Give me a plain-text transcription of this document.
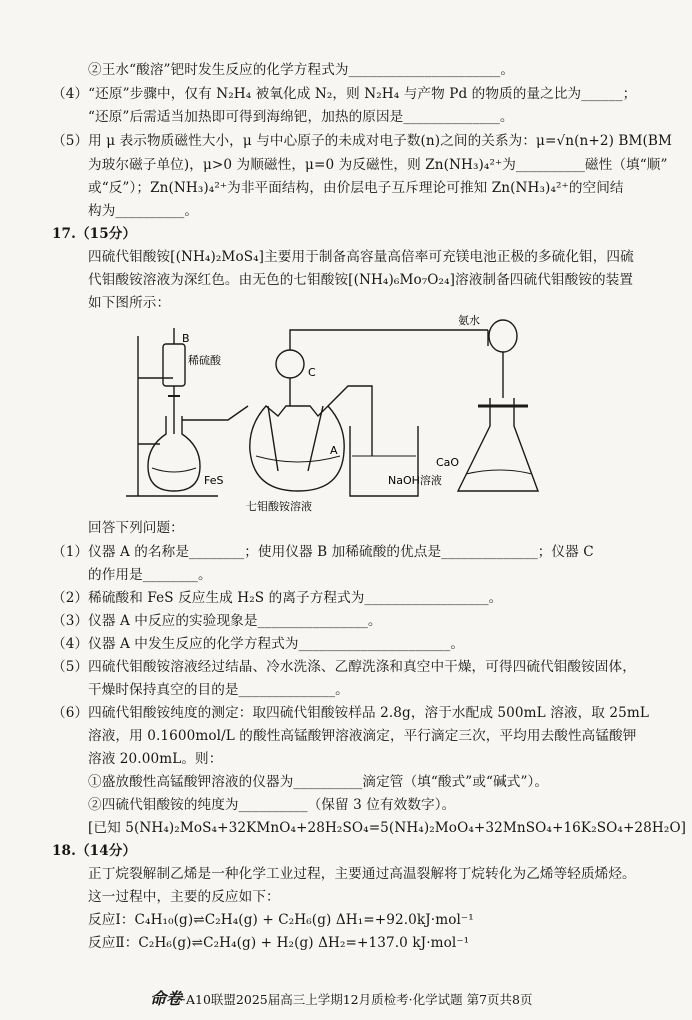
②王水“酸溶”钯时发生反应的化学方程式为______________________。
（4）“还原”步骤中，仅有 N₂H₄ 被氧化成 N₂，则 N₂H₄ 与产物 Pd 的物质的量之比为______；
“还原”后需适当加热即可得到海绵钯，加热的原因是______________。
（5）用 μ 表示物质磁性大小，μ 与中心原子的未成对电子数(n)之间的关系为：μ=√n(n+2) BM(BM
为玻尔磁子单位)，μ>0 为顺磁性，μ=0 为反磁性，则 Zn(NH₃)₄²⁺为__________磁性（填“顺”
或“反”）；Zn(NH₃)₄²⁺为非平面结构，由价层电子互斥理论可推知 Zn(NH₃)₄²⁺的空间结
构为__________。
17.（15分）
四硫代钼酸铵[(NH₄)₂MoS₄]主要用于制备高容量高倍率可充镁电池正极的多硫化钼，四硫
代钼酸铵溶液为深红色。由无色的七钼酸铵[(NH₄)₆Mo₇O₂₄]溶液制备四硫代钼酸铵的装置
如下图所示：
回答下列问题：
（1）仪器 A 的名称是________；使用仪器 B 加稀硫酸的优点是______________；仪器 C
的作用是________。
（2）稀硫酸和 FeS 反应生成 H₂S 的离子方程式为__________________。
（3）仪器 A 中反应的实验现象是________________。
（4）仪器 A 中发生反应的化学方程式为______________________。
（5）四硫代钼酸铵溶液经过结晶、冷水洗涤、乙醇洗涤和真空中干燥，可得四硫代钼酸铵固体，
干燥时保持真空的目的是______________。
（6）四硫代钼酸铵纯度的测定：取四硫代钼酸铵样品 2.8g，溶于水配成 500mL 溶液，取 25mL
溶液，用 0.1600mol/L 的酸性高锰酸钾溶液滴定，平行滴定三次，平均用去酸性高锰酸钾
溶液 20.00mL。则：
①盛放酸性高锰酸钾溶液的仪器为__________滴定管（填“酸式”或“碱式”）。
②四硫代钼酸铵的纯度为__________（保留 3 位有效数字）。
[已知 5(NH₄)₂MoS₄+32KMnO₄+28H₂SO₄=5(NH₄)₂MoO₄+32MnSO₄+16K₂SO₄+28H₂O]
18.（14分）
正丁烷裂解制乙烯是一种化学工业过程，主要通过高温裂解将丁烷转化为乙烯等轻质烯烃。
这一过程中，主要的反应如下：
反应Ⅰ：C₄H₁₀(g)⇌C₂H₄(g) + C₂H₆(g) ΔH₁=+92.0kJ·mol⁻¹
反应Ⅱ：C₂H₆(g)⇌C₂H₄(g) + H₂(g) ΔH₂=+137.0 kJ·mol⁻¹
B
稀硫酸
C
A
FeS
七钼酸铵溶液
氨水
CaO
NaOH溶液
命卷·A10联盟2025届高三上学期12月质检考·化学试题 第7页共8页
